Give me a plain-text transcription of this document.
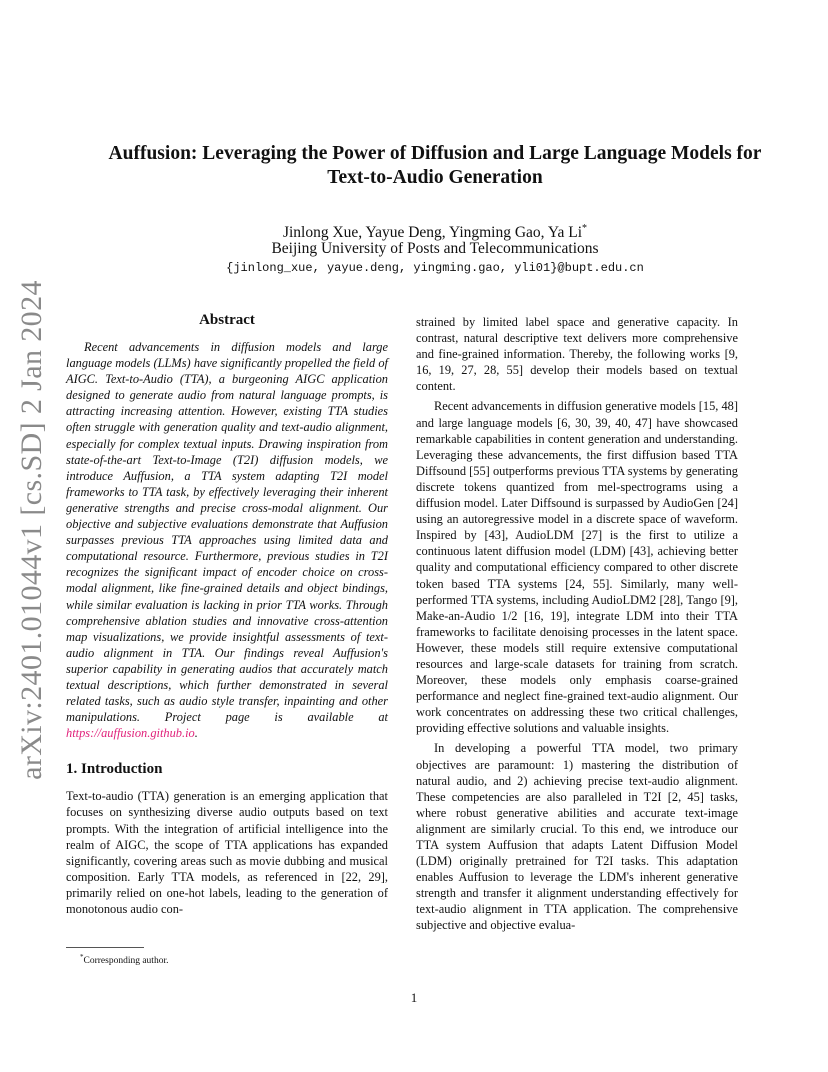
arXiv:2401.01044v1 [cs.SD] 2 Jan 2024
Auffusion: Leveraging the Power of Diffusion and Large Language Models for
Text-to-Audio Generation
Jinlong Xue, Yayue Deng, Yingming Gao, Ya Li*
Beijing University of Posts and Telecommunications
{jinlong_xue, yayue.deng, yingming.gao, yli01}@bupt.edu.cn
Abstract

Recent advancements in diffusion models and large language models (LLMs) have significantly propelled the field of AIGC. Text-to-Audio (TTA), a burgeoning AIGC application designed to generate audio from natural language prompts, is attracting increasing attention. However, existing TTA studies often struggle with generation quality and text-audio alignment, especially for complex textual inputs. Drawing inspiration from state-of-the-art Text-to-Image (T2I) diffusion models, we introduce Auffusion, a TTA system adapting T2I model frameworks to TTA task, by effectively leveraging their inherent generative strengths and precise cross-modal alignment. Our objective and subjective evaluations demonstrate that Auffusion surpasses previous TTA approaches using limited data and computational resource. Furthermore, previous studies in T2I recognizes the significant impact of encoder choice on cross-modal alignment, like fine-grained details and object bindings, while similar evaluation is lacking in prior TTA works. Through comprehensive ablation studies and innovative cross-attention map visualizations, we provide insightful assessments of text-audio alignment in TTA. Our findings reveal Auffusion's superior capability in generating audios that accurately match textual descriptions, which further demonstrated in several related tasks, such as audio style transfer, inpainting and other manipulations. Project page is available at https://auffusion.github.io.

1. Introduction

Text-to-audio (TTA) generation is an emerging application that focuses on synthesizing diverse audio outputs based on text prompts. With the integration of artificial intelligence into the realm of AIGC, the scope of TTA applications has expanded significantly, covering areas such as movie dubbing and musical composition. Early TTA models, as referenced in [22, 29], primarily relied on one-hot labels, leading to the generation of monotonous audio con-

strained by limited label space and generative capacity. In contrast, natural descriptive text delivers more comprehensive and fine-grained information. Thereby, the following works [9, 16, 19, 27, 28, 55] develop their models based on textual content.

Recent advancements in diffusion generative models [15, 48] and large language models [6, 30, 39, 40, 47] have showcased remarkable capabilities in content generation and understanding. Leveraging these advancements, the first diffusion based TTA Diffsound [55] outperforms previous TTA systems by generating discrete tokens quantized from mel-spectrograms using a diffusion model. Later Diffsound is surpassed by AudioGen [24] using an autoregressive model in a discrete space of waveform. Inspired by [43], AudioLDM [27] is the first to utilize a continuous latent diffusion model (LDM) [43], achieving better quality and computational efficiency compared to other discrete token based TTA systems [24, 55]. Similarly, many well-performed TTA systems, including AudioLDM2 [28], Tango [9], Make-an-Audio 1/2 [16, 19], integrate LDM into their TTA frameworks to facilitate denoising processes in the latent space. However, these models still require extensive computational resources and large-scale datasets for training from scratch. Moreover, these models only emphasis coarse-grained performance and neglect fine-grained text-audio alignment. Our work concentrates on addressing these two critical challenges, providing effective solutions and valuable insights.

In developing a powerful TTA model, two primary objectives are paramount: 1) mastering the distribution of natural audio, and 2) achieving precise text-audio alignment. These competencies are also paralleled in T2I [2, 45] tasks, where robust generative abilities and accurate text-image alignment are similarly crucial. To this end, we introduce our TTA system Auffusion that adapts Latent Diffusion Model (LDM) originally pretrained for T2I tasks. This adaptation enables Auffusion to leverage the LDM's inherent generative strength and transfer it alignment understanding effectively for text-audio alignment in TTA application. The comprehensive subjective and objective evalua-

*Corresponding author.
1
